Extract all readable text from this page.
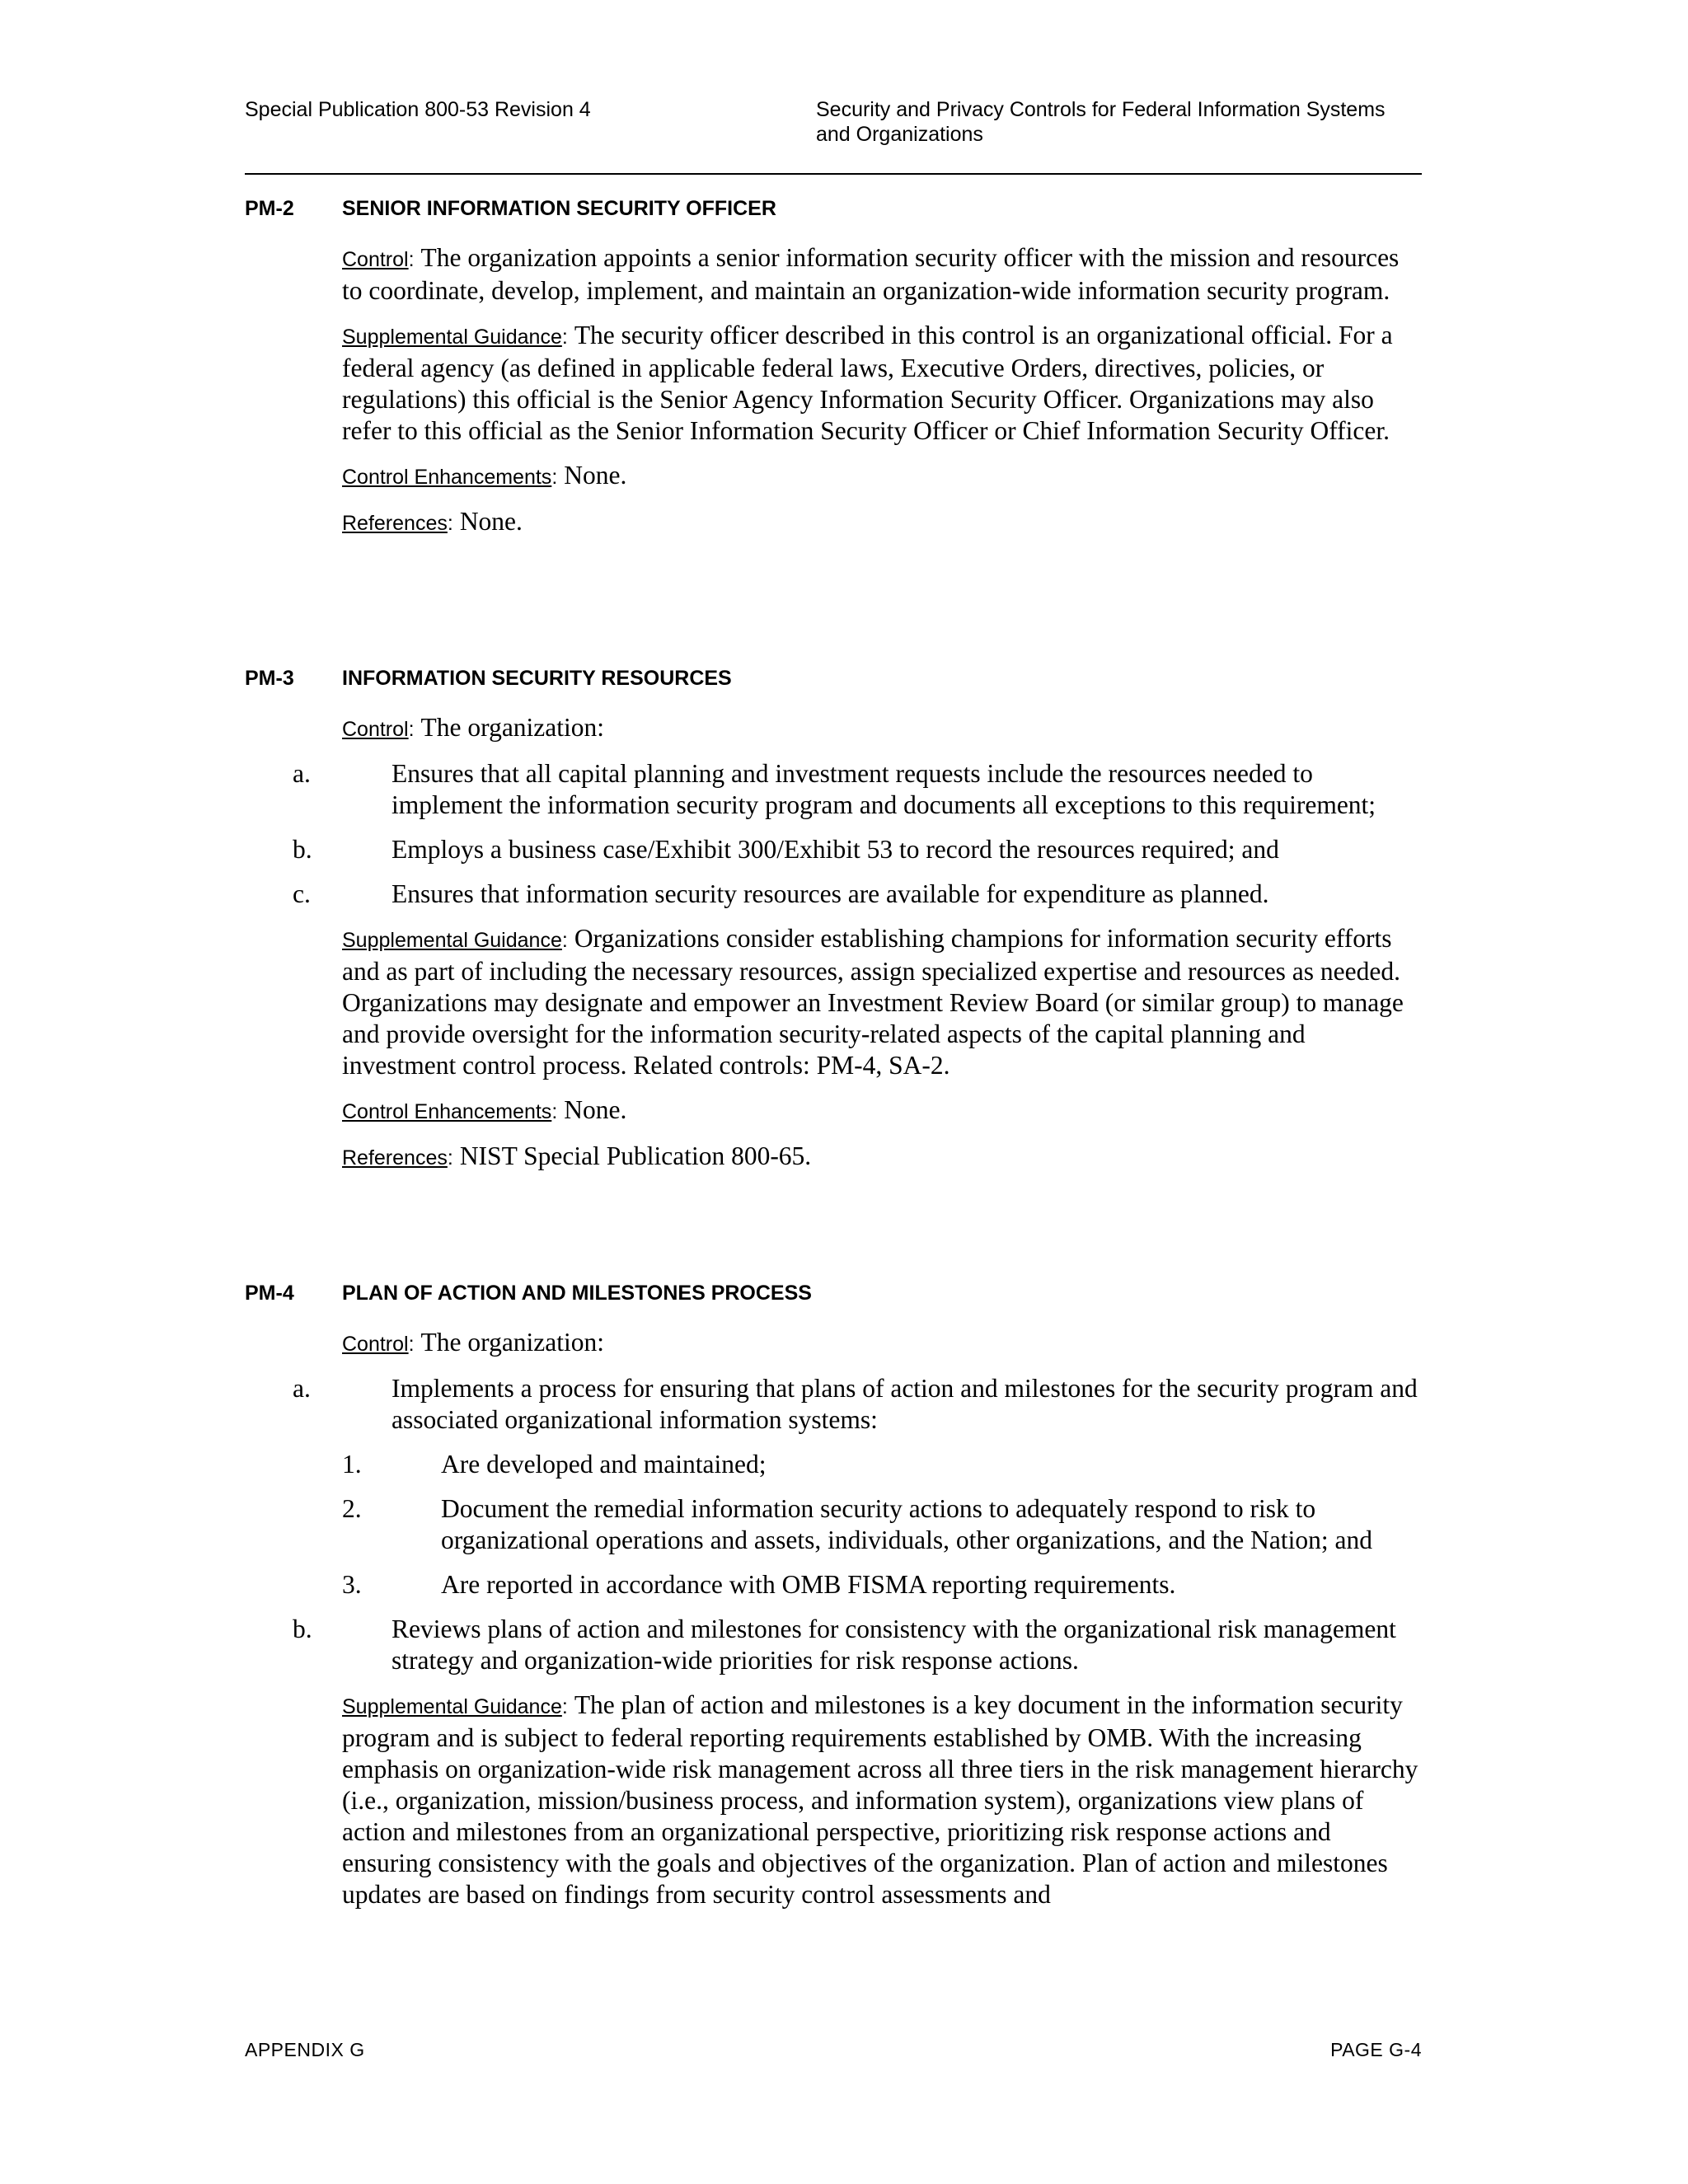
Special Publication 800-53 Revision 4	Security and Privacy Controls for Federal Information Systems
and Organizations
PM-2 SENIOR INFORMATION SECURITY OFFICER
Control: The organization appoints a senior information security officer with the mission and resources to coordinate, develop, implement, and maintain an organization-wide information security program.
Supplemental Guidance: The security officer described in this control is an organizational official. For a federal agency (as defined in applicable federal laws, Executive Orders, directives, policies, or regulations) this official is the Senior Agency Information Security Officer. Organizations may also refer to this official as the Senior Information Security Officer or Chief Information Security Officer.
Control Enhancements: None.
References: None.
PM-3 INFORMATION SECURITY RESOURCES
Control: The organization:
a.	Ensures that all capital planning and investment requests include the resources needed to implement the information security program and documents all exceptions to this requirement;
b.	Employs a business case/Exhibit 300/Exhibit 53 to record the resources required; and
c.	Ensures that information security resources are available for expenditure as planned.
Supplemental Guidance: Organizations consider establishing champions for information security efforts and as part of including the necessary resources, assign specialized expertise and resources as needed. Organizations may designate and empower an Investment Review Board (or similar group) to manage and provide oversight for the information security-related aspects of the capital planning and investment control process. Related controls: PM-4, SA-2.
Control Enhancements: None.
References: NIST Special Publication 800-65.
PM-4 PLAN OF ACTION AND MILESTONES PROCESS
Control: The organization:
a.	Implements a process for ensuring that plans of action and milestones for the security program and associated organizational information systems:
1.	Are developed and maintained;
2.	Document the remedial information security actions to adequately respond to risk to organizational operations and assets, individuals, other organizations, and the Nation; and
3.	Are reported in accordance with OMB FISMA reporting requirements.
b.	Reviews plans of action and milestones for consistency with the organizational risk management strategy and organization-wide priorities for risk response actions.
Supplemental Guidance: The plan of action and milestones is a key document in the information security program and is subject to federal reporting requirements established by OMB. With the increasing emphasis on organization-wide risk management across all three tiers in the risk management hierarchy (i.e., organization, mission/business process, and information system), organizations view plans of action and milestones from an organizational perspective, prioritizing risk response actions and ensuring consistency with the goals and objectives of the organization. Plan of action and milestones updates are based on findings from security control assessments and
APPENDIX G	PAGE G-4
